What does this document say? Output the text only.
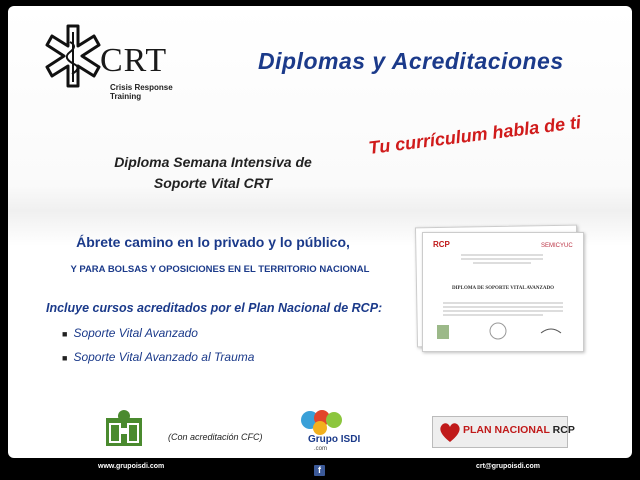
CRT
Crisis Response Training
Diplomas y Acreditaciones
Diploma Semana Intensiva de
Soporte Vital CRT
Tu currículum habla de ti
Ábrete camino en lo privado y lo público,
Y PARA BOLSAS Y OPOSICIONES EN EL TERRITORIO NACIONAL
Incluye cursos acreditados por el Plan Nacional de RCP:
■ Soporte Vital Avanzado
■ Soporte Vital Avanzado al Trauma
RCP	SEMICYUC
DIPLOMA DE SOPORTE VITAL AVANZADO
(Con acreditación CFC)	Grupo ISDI
.com
PLAN NACIONAL RCP
www.grupoisdi.com	f	crt@grupoisdi.com
